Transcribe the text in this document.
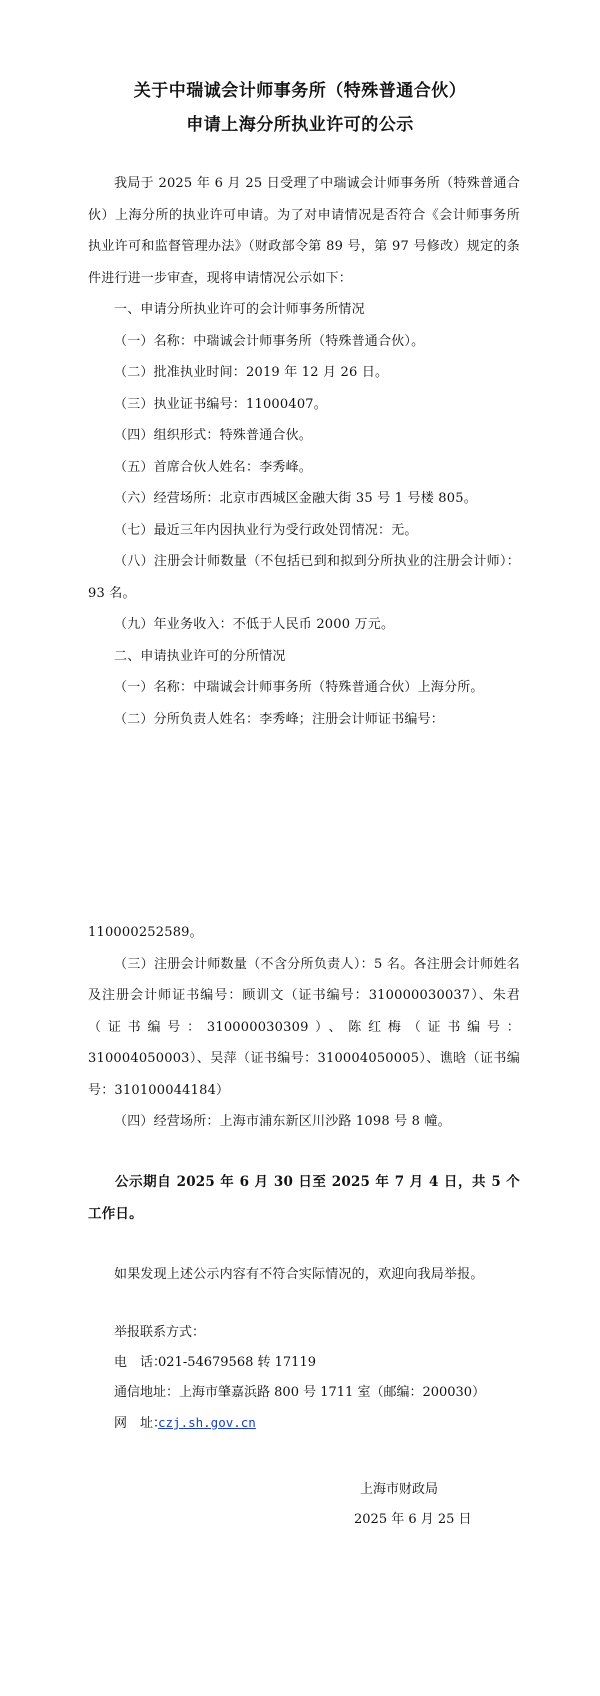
关于中瑞诚会计师事务所（特殊普通合伙）
申请上海分所执业许可的公示

我局于 2025 年 6 月 25 日受理了中瑞诚会计师事务所（特殊普通合伙）上海分所的执业许可申请。为了对申请情况是否符合《会计师事务所执业许可和监督管理办法》（财政部令第 89 号，第 97 号修改）规定的条件进行进一步审查，现将申请情况公示如下：

一、申请分所执业许可的会计师事务所情况

（一）名称：中瑞诚会计师事务所（特殊普通合伙）。

（二）批准执业时间：2019 年 12 月 26 日。

（三）执业证书编号：11000407。

（四）组织形式：特殊普通合伙。

（五）首席合伙人姓名：李秀峰。

（六）经营场所：北京市西城区金融大街 35 号 1 号楼 805。

（七）最近三年内因执业行为受行政处罚情况：无。

（八）注册会计师数量（不包括已到和拟到分所执业的注册会计师）：93 名。

（九）年业务收入：不低于人民币 2000 万元。

二、申请执业许可的分所情况

（一）名称：中瑞诚会计师事务所（特殊普通合伙）上海分所。

（二）分所负责人姓名：李秀峰；注册会计师证书编号：

110000252589。

（三）注册会计师数量（不含分所负责人）：5 名。各注册会计师姓名及注册会计师证书编号：顾训文（证书编号：310000030037）、朱君（证书编号：310000030309）、陈红梅（证书编号：310004050003）、吴萍（证书编号：310004050005）、谯晗（证书编号：310100044184）

（四）经营场所：上海市浦东新区川沙路 1098 号 8 幢。

公示期自 2025 年 6 月 30 日至 2025 年 7 月 4 日，共 5 个工作日。

如果发现上述公示内容有不符合实际情况的，欢迎向我局举报。

举报联系方式：
电　话：021-54679568 转 17119
通信地址：上海市肇嘉浜路 800 号 1711 室（邮编：200030）
网　址：czj.sh.gov.cn
上海市财政局
2025 年 6 月 25 日
